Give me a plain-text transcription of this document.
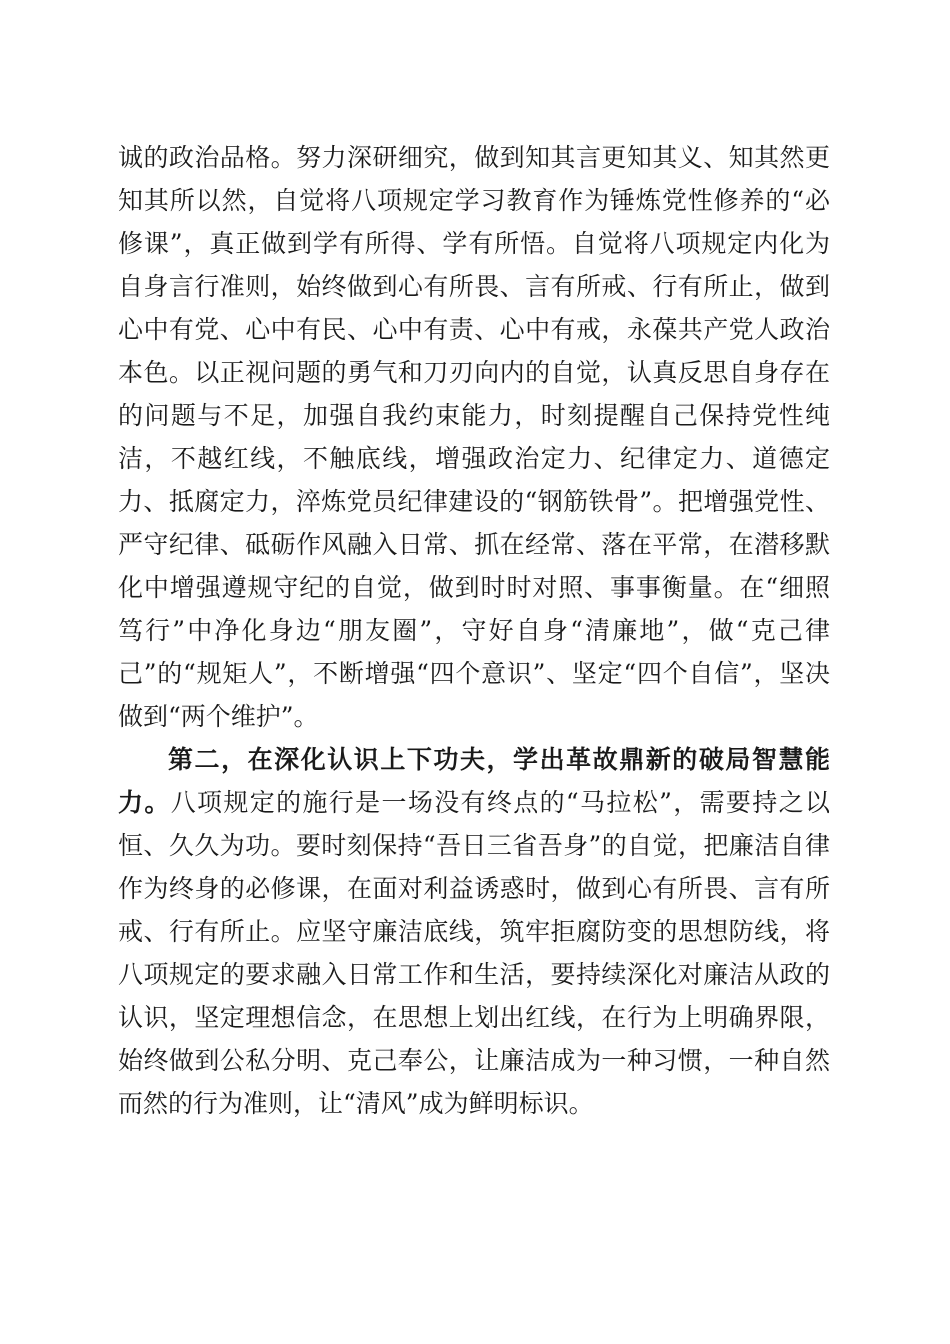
诚的政治品格。努力深研细究，做到知其言更知其义、知其然更知其所以然，自觉将八项规定学习教育作为锤炼党性修养的“必修课”，真正做到学有所得、学有所悟。自觉将八项规定内化为自身言行准则，始终做到心有所畏、言有所戒、行有所止，做到心中有党、心中有民、心中有责、心中有戒，永葆共产党人政治本色。以正视问题的勇气和刀刃向内的自觉，认真反思自身存在的问题与不足，加强自我约束能力，时刻提醒自己保持党性纯洁，不越红线，不触底线，增强政治定力、纪律定力、道德定力、抵腐定力，淬炼党员纪律建设的“钢筋铁骨”。把增强党性、严守纪律、砥砺作风融入日常、抓在经常、落在平常，在潜移默化中增强遵规守纪的自觉，做到时时对照、事事衡量。在“细照笃行”中净化身边“朋友圈”，守好自身“清廉地”，做“克己律己”的“规矩人”，不断增强“四个意识”、坚定“四个自信”，坚决做到“两个维护”。

第二，在深化认识上下功夫，学出革故鼎新的破局智慧能力。八项规定的施行是一场没有终点的“马拉松”，需要持之以恒、久久为功。要时刻保持“吾日三省吾身”的自觉，把廉洁自律作为终身的必修课，在面对利益诱惑时，做到心有所畏、言有所戒、行有所止。应坚守廉洁底线，筑牢拒腐防变的思想防线，将八项规定的要求融入日常工作和生活，要持续深化对廉洁从政的认识，坚定理想信念，在思想上划出红线，在行为上明确界限，始终做到公私分明、克己奉公，让廉洁成为一种习惯，一种自然而然的行为准则，让“清风”成为鲜明标识。
